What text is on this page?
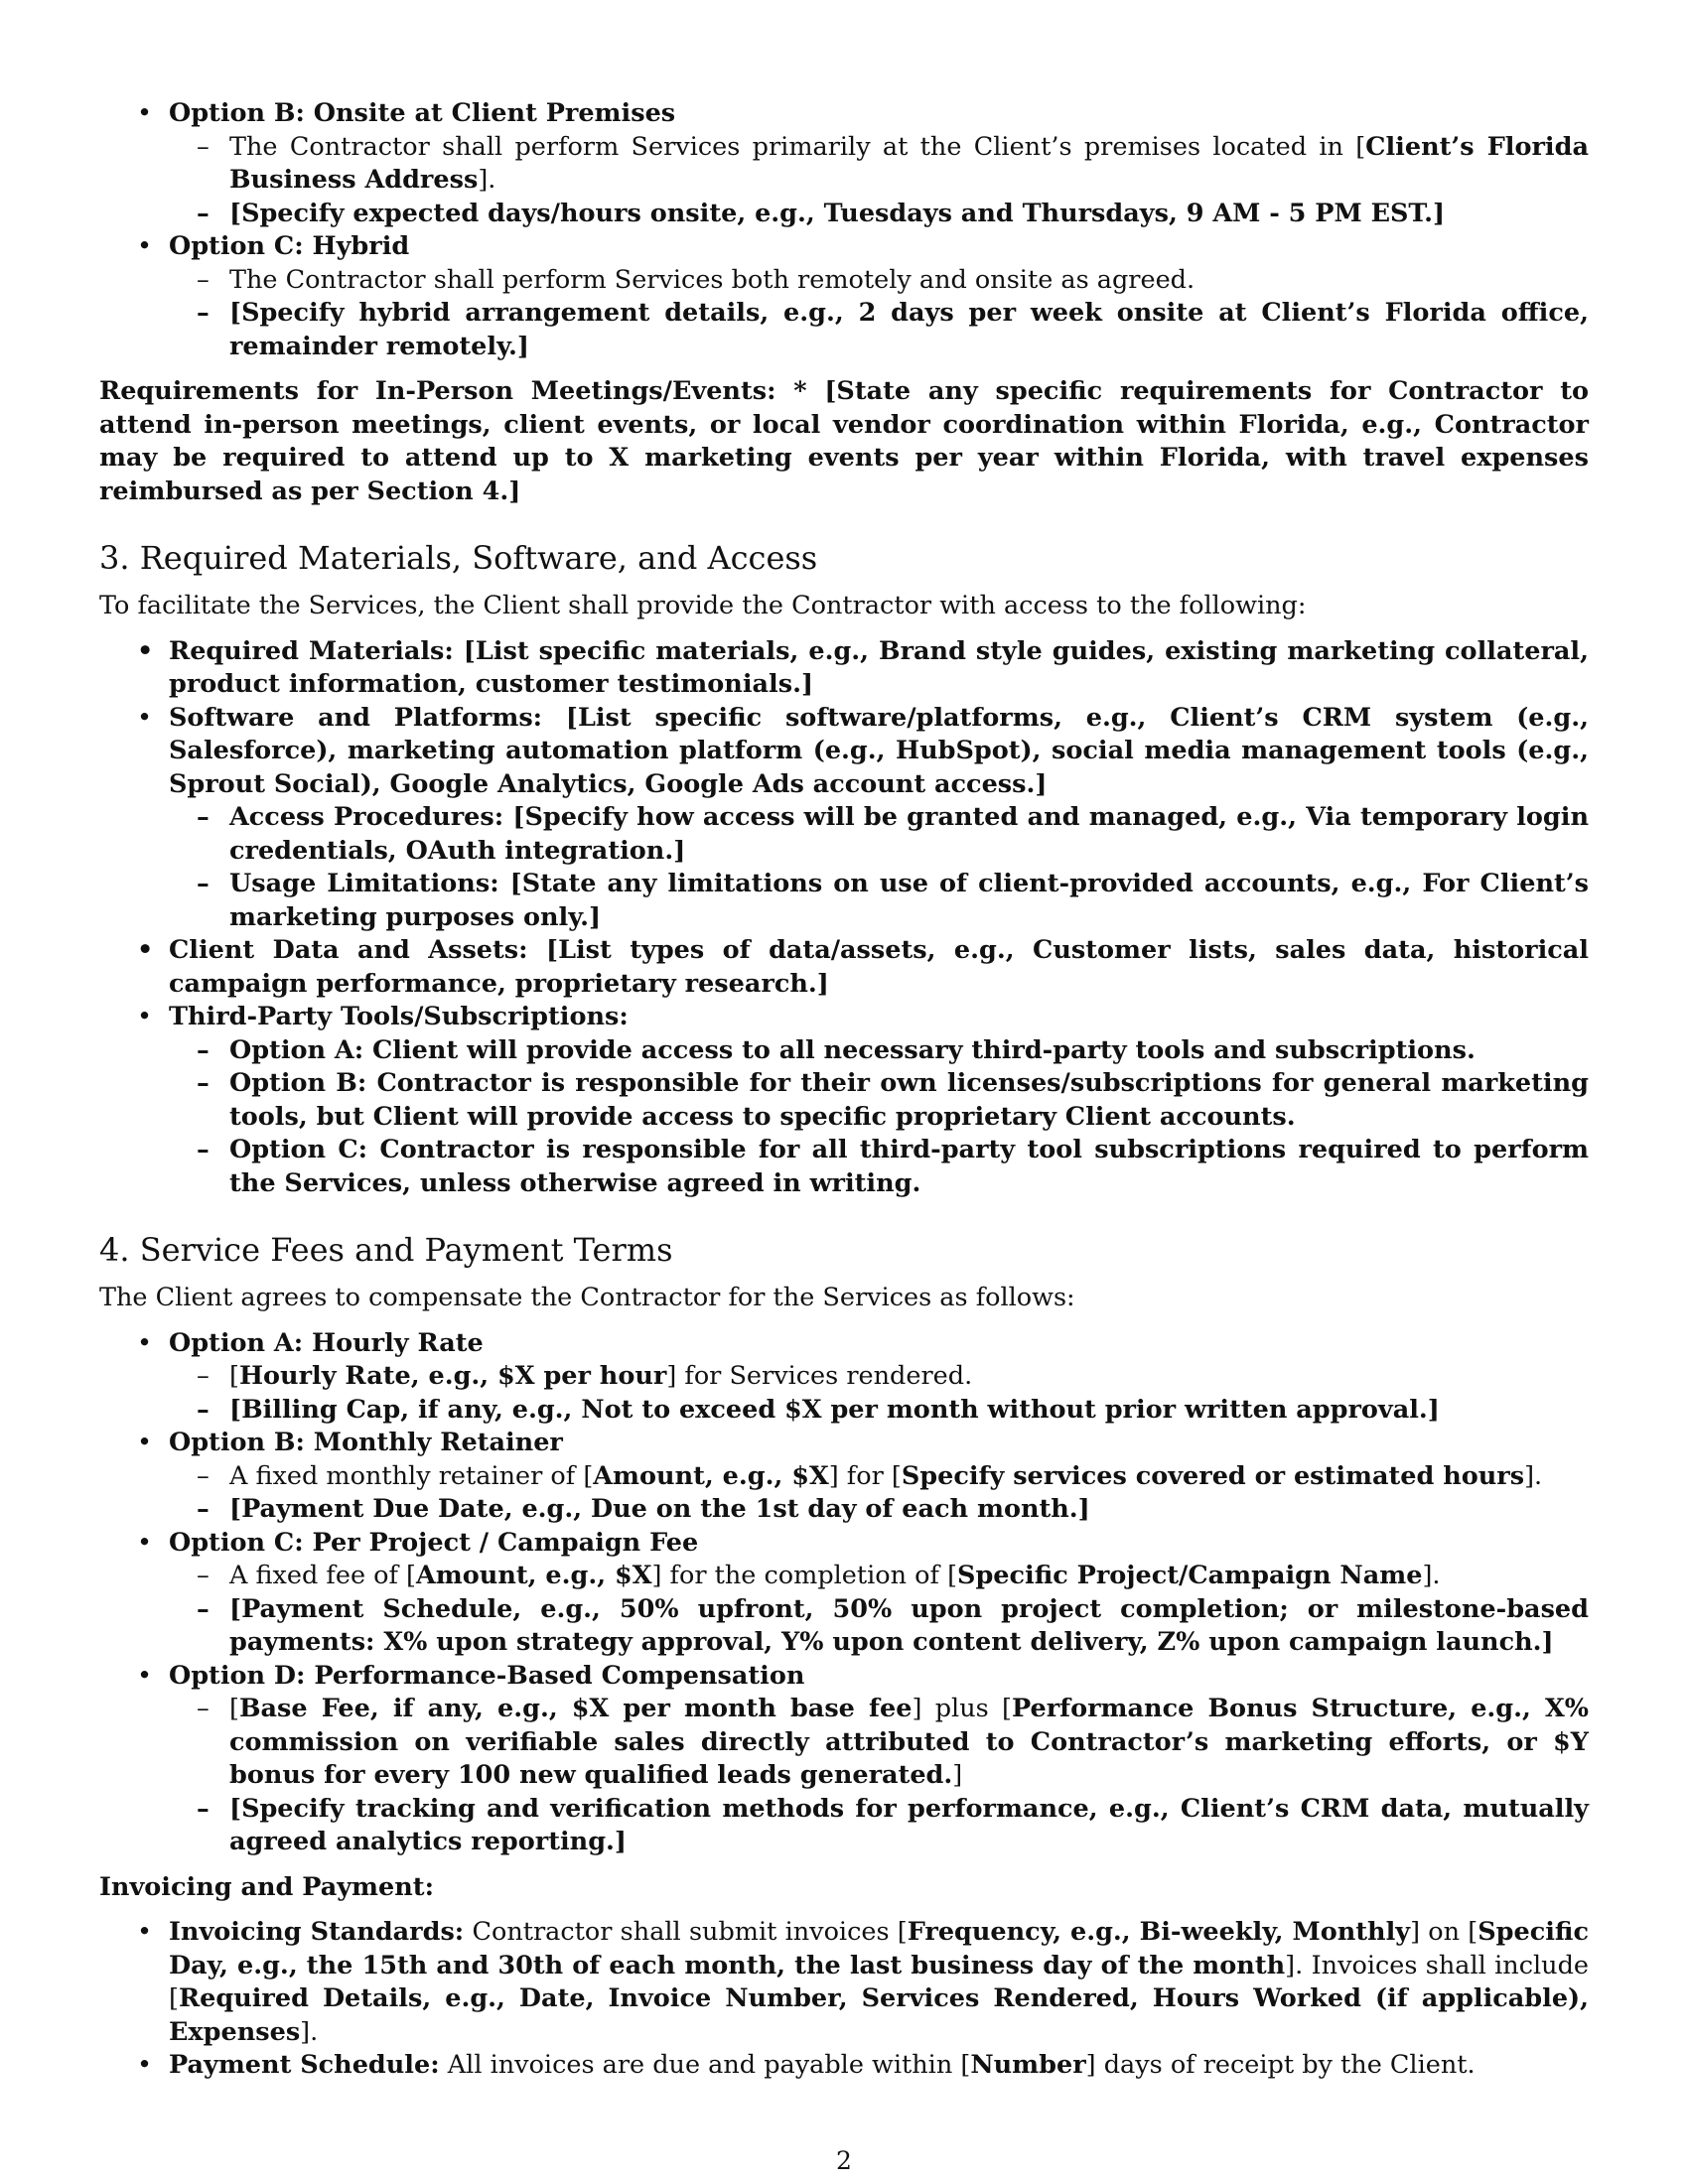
• Option B: Onsite at Client Premises
– The Contractor shall perform Services primarily at the Client’s premises located in [Client’s Florida Business Address].
– [Specify expected days/hours onsite, e.g., Tuesdays and Thursdays, 9 AM - 5 PM EST.]
• Option C: Hybrid
– The Contractor shall perform Services both remotely and onsite as agreed.
– [Specify hybrid arrangement details, e.g., 2 days per week onsite at Client’s Florida office, remainder remotely.]

Requirements for In-Person Meetings/Events: * [State any specific requirements for Contractor to attend in-person meetings, client events, or local vendor coordination within Florida, e.g., Contractor may be required to attend up to X marketing events per year within Florida, with travel expenses reimbursed as per Section 4.]

3. Required Materials, Software, and Access

To facilitate the Services, the Client shall provide the Contractor with access to the following:

• Required Materials: [List specific materials, e.g., Brand style guides, existing marketing collateral, product information, customer testimonials.]
• Software and Platforms: [List specific software/platforms, e.g., Client’s CRM system (e.g., Salesforce), marketing automation platform (e.g., HubSpot), social media management tools (e.g., Sprout Social), Google Analytics, Google Ads account access.]
– Access Procedures: [Specify how access will be granted and managed, e.g., Via temporary login credentials, OAuth integration.]
– Usage Limitations: [State any limitations on use of client-provided accounts, e.g., For Client’s marketing purposes only.]
• Client Data and Assets: [List types of data/assets, e.g., Customer lists, sales data, historical campaign performance, proprietary research.]
• Third-Party Tools/Subscriptions:
– Option A: Client will provide access to all necessary third-party tools and subscriptions.
– Option B: Contractor is responsible for their own licenses/subscriptions for general marketing tools, but Client will provide access to specific proprietary Client accounts.
– Option C: Contractor is responsible for all third-party tool subscriptions required to perform the Services, unless otherwise agreed in writing.
4. Service Fees and Payment Terms

The Client agrees to compensate the Contractor for the Services as follows:

• Option A: Hourly Rate
– [Hourly Rate, e.g., $X per hour] for Services rendered.
– [Billing Cap, if any, e.g., Not to exceed $X per month without prior written approval.]
• Option B: Monthly Retainer
– A fixed monthly retainer of [Amount, e.g., $X] for [Specify services covered or estimated hours].
– [Payment Due Date, e.g., Due on the 1st day of each month.]
• Option C: Per Project / Campaign Fee
– A fixed fee of [Amount, e.g., $X] for the completion of [Specific Project/Campaign Name].
– [Payment Schedule, e.g., 50% upfront, 50% upon project completion; or milestone-based payments: X% upon strategy approval, Y% upon content delivery, Z% upon campaign launch.]
• Option D: Performance-Based Compensation
– [Base Fee, if any, e.g., $X per month base fee] plus [Performance Bonus Structure, e.g., X% commission on verifiable sales directly attributed to Contractor’s marketing efforts, or $Y bonus for every 100 new qualified leads generated.]
– [Specify tracking and verification methods for performance, e.g., Client’s CRM data, mutually agreed analytics reporting.]

Invoicing and Payment:

• Invoicing Standards: Contractor shall submit invoices [Frequency, e.g., Bi-weekly, Monthly] on [Specific Day, e.g., the 15th and 30th of each month, the last business day of the month]. Invoices shall include [Required Details, e.g., Date, Invoice Number, Services Rendered, Hours Worked (if applicable), Expenses].
• Payment Schedule: All invoices are due and payable within [Number] days of receipt by the Client.
2
